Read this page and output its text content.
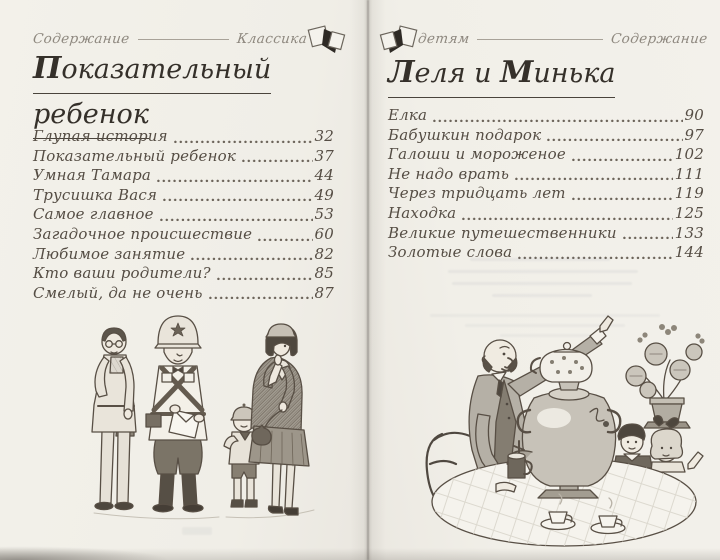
Содержание	Классика
Показательный
ребенок
Глупая история	32
Показательный ребенок	37
Умная Тамара	44
Трусишка Вася	49
Самое главное	53
Загадочное происшествие	60
Любимое занятие	82
Кто ваши родители?	85
Смелый, да не очень	87
детям	Содержание
Леля и Минька
Елка	90
Бабушкин подарок	97
Галоши и мороженое	102
Не надо врать	111
Через тридцать лет	119
Находка	125
Великие путешественники	133
Золотые слова	144
